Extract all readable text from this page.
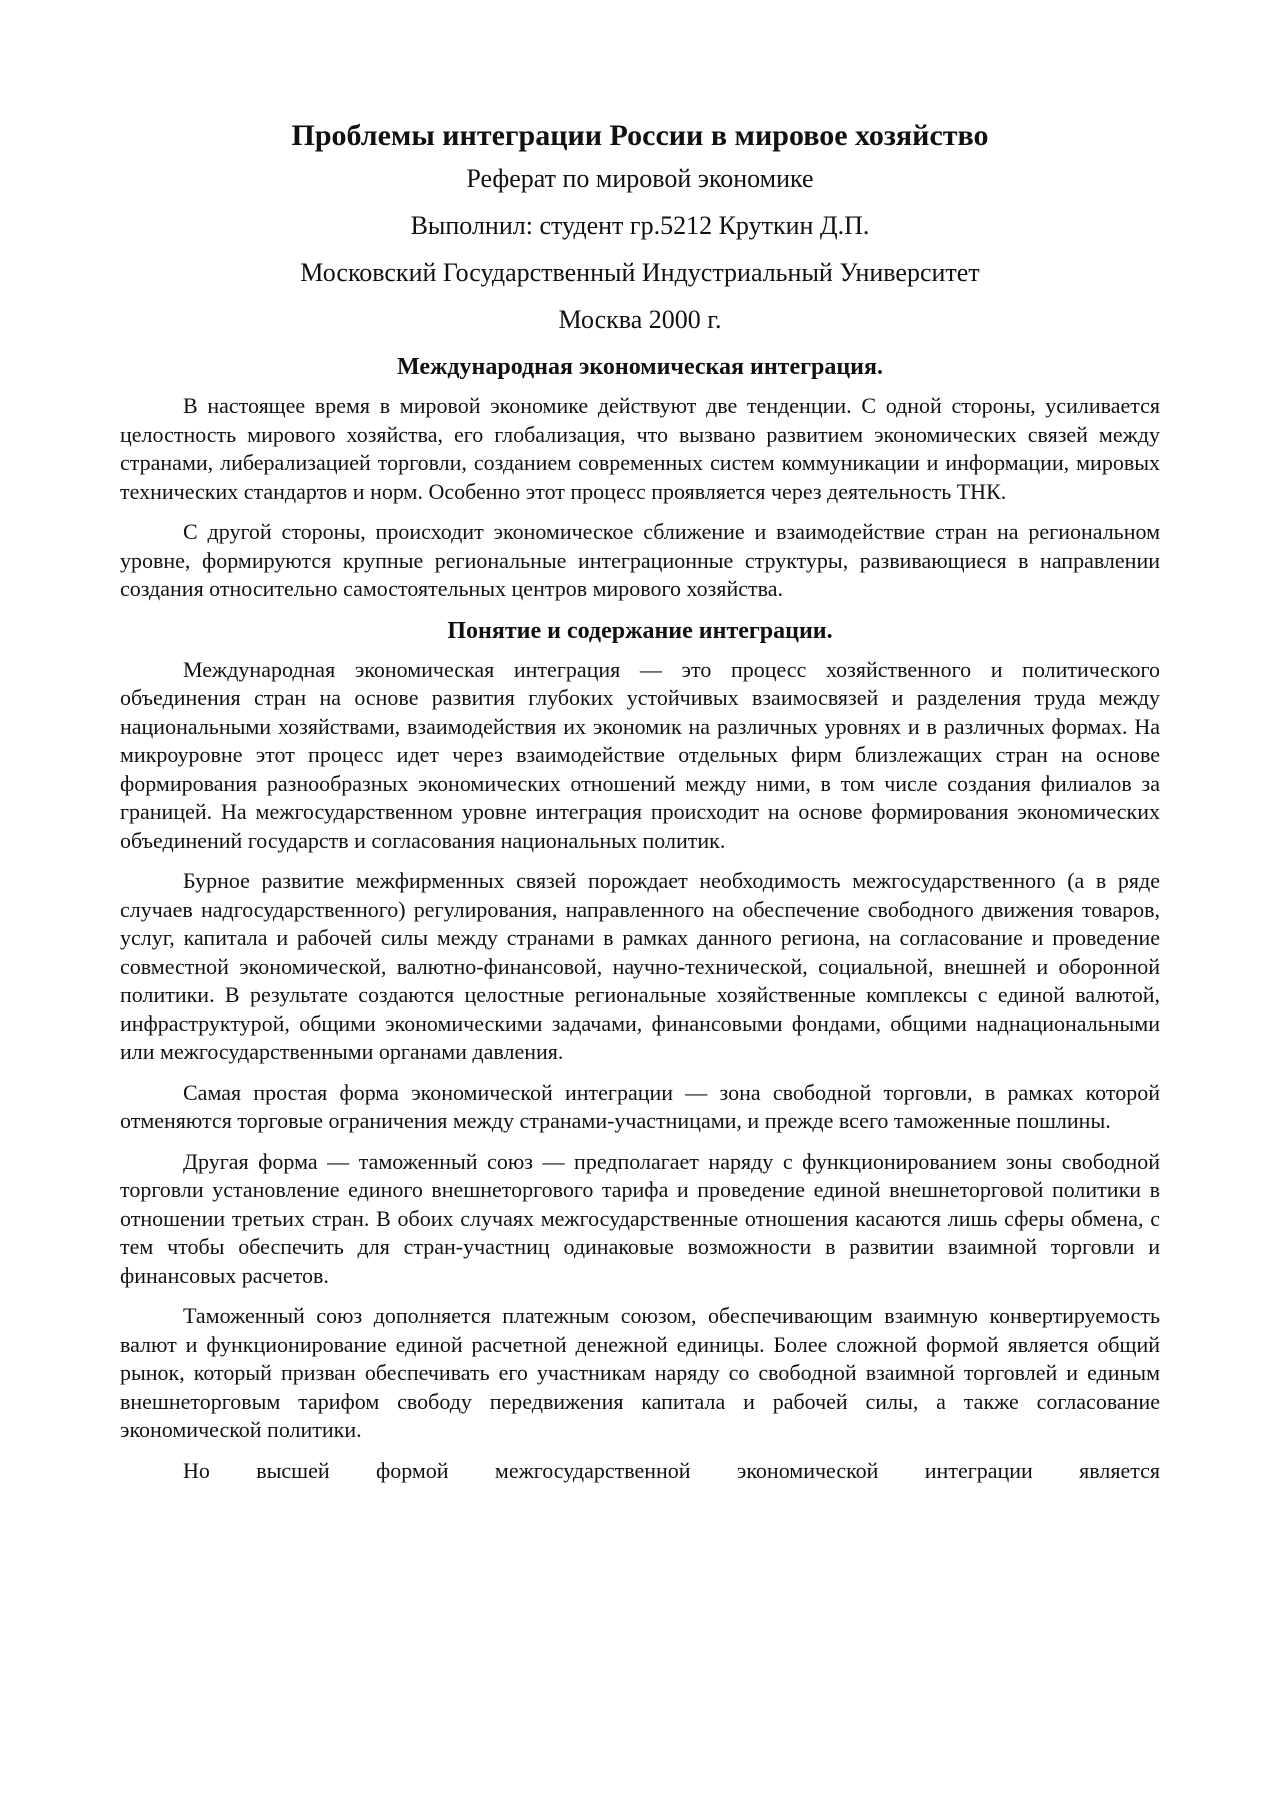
Проблемы интеграции России в мировое хозяйство
Реферат по мировой экономике
Выполнил: студент гр.5212 Круткин Д.П.
Московский Государственный Индустриальный Университет
Москва 2000 г.
Международная экономическая интеграция.

В настоящее время в мировой экономике действуют две тенденции. С одной стороны, усиливается целостность мирового хозяйства, его глобализация, что вызвано развитием экономических связей между странами, либерализацией торговли, созданием современных систем коммуникации и информации, мировых технических стандартов и норм. Особенно этот процесс проявляется через деятельность ТНК.

С другой стороны, происходит экономическое сближение и взаимодействие стран на региональном уровне, формируются крупные региональные интеграционные структуры, развивающиеся в направлении создания относительно самостоятельных центров мирового хозяйства.

Понятие и содержание интеграции.

Международная экономическая интеграция — это процесс хозяйственного и политического объединения стран на основе развития глубоких устойчивых взаимосвязей и разделения труда между национальными хозяйствами, взаимодействия их экономик на различных уровнях и в различных формах. На микроуровне этот процесс идет через взаимодействие отдельных фирм близлежащих стран на основе формирования разнообразных экономических отношений между ними, в том числе создания филиалов за границей. На межгосударственном уровне интеграция происходит на основе формирования экономических объединений государств и согласования национальных политик.

Бурное развитие межфирменных связей порождает необходимость межгосударственного (а в ряде случаев надгосударственного) регулирования, направленного на обеспечение свободного движения товаров, услуг, капитала и рабочей силы между странами в рамках данного региона, на согласование и проведение совместной экономической, валютно-финансовой, научно-технической, социальной, внешней и оборонной политики. В результате создаются целостные региональные хозяйственные комплексы с единой валютой, инфраструктурой, общими экономическими задачами, финансовыми фондами, общими наднациональными или межгосударственными органами давления.

Самая простая форма экономической интеграции — зона свободной торговли, в рамках которой отменяются торговые ограничения между странами-участницами, и прежде всего таможенные пошлины.

Другая форма — таможенный союз — предполагает наряду с функционированием зоны свободной торговли установление единого внешнеторгового тарифа и проведение единой внешнеторговой политики в отношении третьих стран. В обоих случаях межгосударственные отношения касаются лишь сферы обмена, с тем чтобы обеспечить для стран-участниц одинаковые возможности в развитии взаимной торговли и финансовых расчетов.

Таможенный союз дополняется платежным союзом, обеспечивающим взаимную конвертируемость валют и функционирование единой расчетной денежной единицы. Более сложной формой является общий рынок, который призван обеспечивать его участникам наряду со свободной взаимной торговлей и единым внешнеторговым тарифом свободу передвижения капитала и рабочей силы, а также согласование экономической политики.

Но высшей формой межгосударственной экономической интеграции является
